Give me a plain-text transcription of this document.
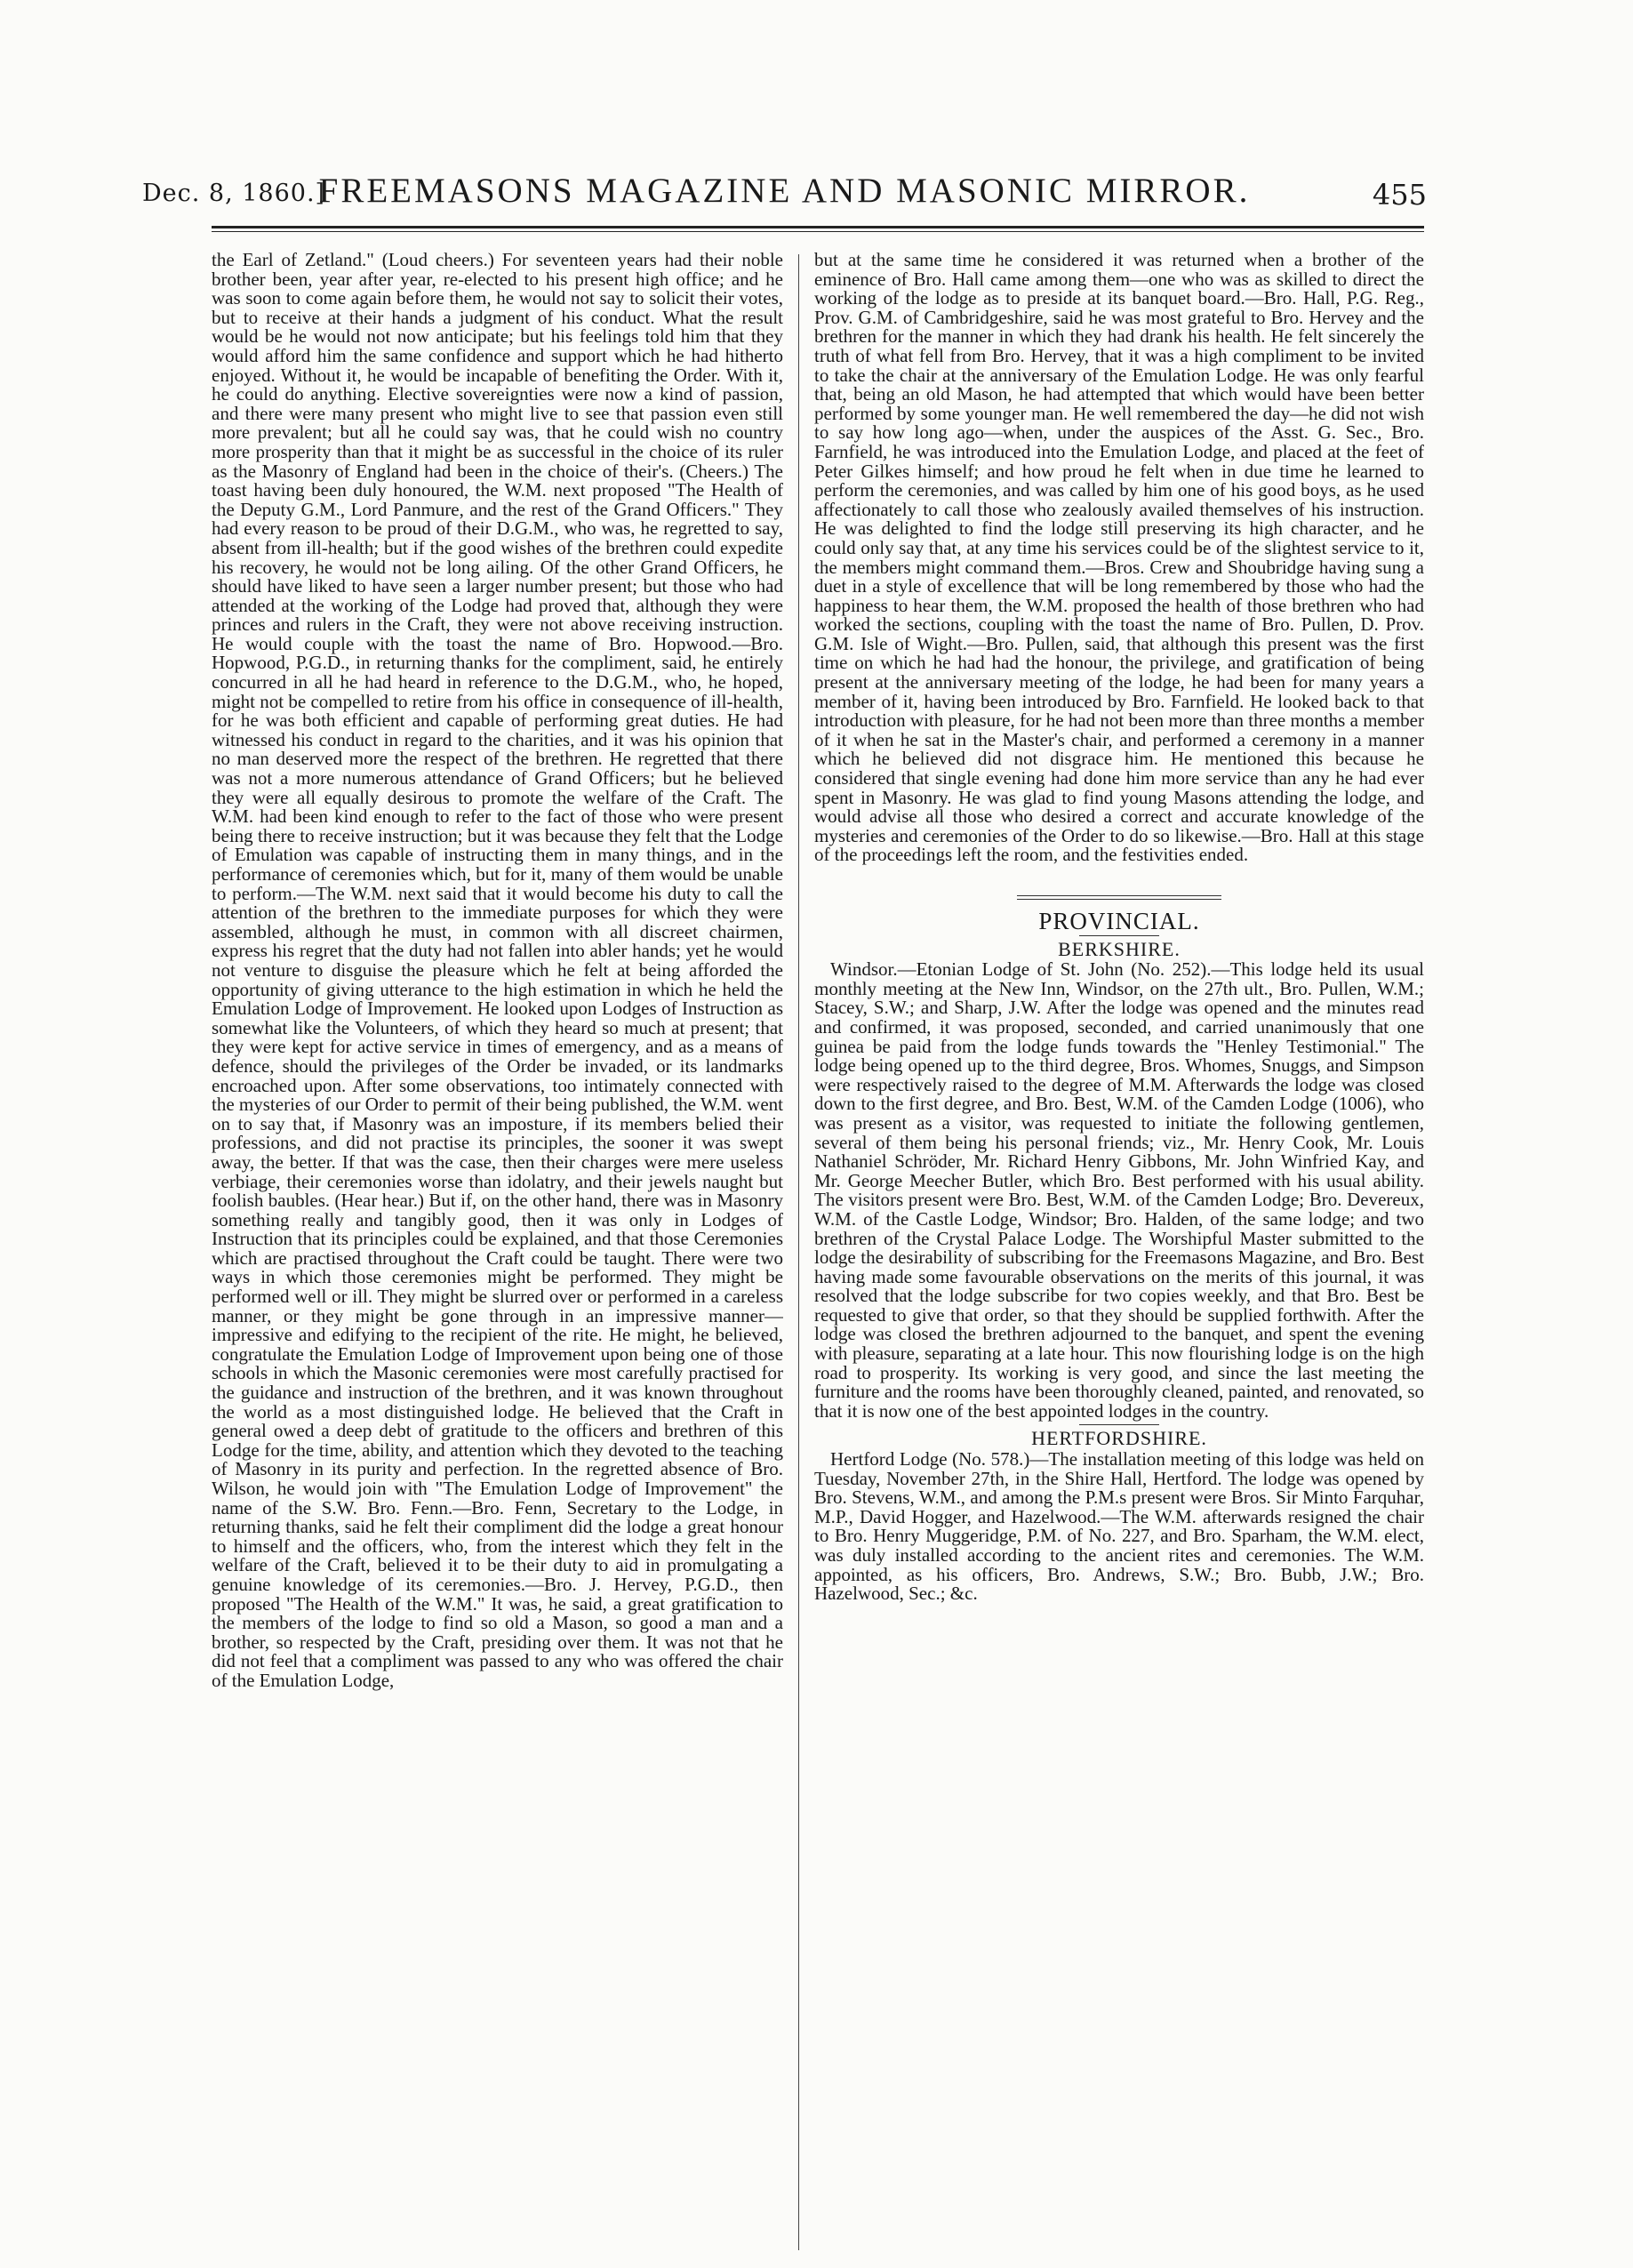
Dec. 8, 1860.]
FREEMASONS MAGAZINE AND MASONIC MIRROR.	455

the Earl of Zetland." (Loud cheers.) For seventeen years had their noble brother been, year after year, re-elected to his present high office; and he was soon to come again before them, he would not say to solicit their votes, but to receive at their hands a judgment of his conduct. What the result would be he would not now anticipate; but his feelings told him that they would afford him the same confidence and support which he had hitherto enjoyed. Without it, he would be incapable of benefiting the Order. With it, he could do anything. Elective sovereignties were now a kind of passion, and there were many present who might live to see that passion even still more prevalent; but all he could say was, that he could wish no country more prosperity than that it might be as successful in the choice of its ruler as the Masonry of England had been in the choice of their's. (Cheers.) The toast having been duly honoured, the W.M. next proposed "The Health of the Deputy G.M., Lord Panmure, and the rest of the Grand Officers." They had every reason to be proud of their D.G.M., who was, he regretted to say, absent from ill-health; but if the good wishes of the brethren could expedite his recovery, he would not be long ailing. Of the other Grand Officers, he should have liked to have seen a larger number present; but those who had attended at the working of the Lodge had proved that, although they were princes and rulers in the Craft, they were not above receiving instruction. He would couple with the toast the name of Bro. Hopwood.—Bro. Hopwood, P.G.D., in returning thanks for the compliment, said, he entirely concurred in all he had heard in reference to the D.G.M., who, he hoped, might not be compelled to retire from his office in consequence of ill-health, for he was both efficient and capable of performing great duties. He had witnessed his conduct in regard to the charities, and it was his opinion that no man deserved more the respect of the brethren. He regretted that there was not a more numerous attendance of Grand Officers; but he believed they were all equally desirous to promote the welfare of the Craft. The W.M. had been kind enough to refer to the fact of those who were present being there to receive instruction; but it was because they felt that the Lodge of Emulation was capable of instructing them in many things, and in the performance of ceremonies which, but for it, many of them would be unable to perform.—The W.M. next said that it would become his duty to call the attention of the brethren to the immediate purposes for which they were assembled, although he must, in common with all discreet chairmen, express his regret that the duty had not fallen into abler hands; yet he would not venture to disguise the pleasure which he felt at being afforded the opportunity of giving utterance to the high estimation in which he held the Emulation Lodge of Improvement. He looked upon Lodges of Instruction as somewhat like the Volunteers, of which they heard so much at present; that they were kept for active service in times of emergency, and as a means of defence, should the privileges of the Order be invaded, or its landmarks encroached upon. After some observations, too intimately connected with the mysteries of our Order to permit of their being published, the W.M. went on to say that, if Masonry was an imposture, if its members belied their professions, and did not practise its principles, the sooner it was swept away, the better. If that was the case, then their charges were mere useless verbiage, their ceremonies worse than idolatry, and their jewels naught but foolish baubles. (Hear hear.) But if, on the other hand, there was in Masonry something really and tangibly good, then it was only in Lodges of Instruction that its principles could be explained, and that those Ceremonies which are practised throughout the Craft could be taught. There were two ways in which those ceremonies might be performed. They might be performed well or ill. They might be slurred over or performed in a careless manner, or they might be gone through in an impressive manner—impressive and edifying to the recipient of the rite. He might, he believed, congratulate the Emulation Lodge of Improvement upon being one of those schools in which the Masonic ceremonies were most carefully practised for the guidance and instruction of the brethren, and it was known throughout the world as a most distinguished lodge. He believed that the Craft in general owed a deep debt of gratitude to the officers and brethren of this Lodge for the time, ability, and attention which they devoted to the teaching of Masonry in its purity and perfection. In the regretted absence of Bro. Wilson, he would join with "The Emulation Lodge of Improvement" the name of the S.W. Bro. Fenn.—Bro. Fenn, Secretary to the Lodge, in returning thanks, said he felt their compliment did the lodge a great honour to himself and the officers, who, from the interest which they felt in the welfare of the Craft, believed it to be their duty to aid in promulgating a genuine knowledge of its ceremonies.—Bro. J. Hervey, P.G.D., then proposed "The Health of the W.M." It was, he said, a great gratification to the members of the lodge to find so old a Mason, so good a man and a brother, so respected by the Craft, presiding over them. It was not that he did not feel that a compliment was passed to any who was offered the chair of the Emulation Lodge,

but at the same time he considered it was returned when a brother of the eminence of Bro. Hall came among them—one who was as skilled to direct the working of the lodge as to preside at its banquet board.—Bro. Hall, P.G. Reg., Prov. G.M. of Cambridgeshire, said he was most grateful to Bro. Hervey and the brethren for the manner in which they had drank his health. He felt sincerely the truth of what fell from Bro. Hervey, that it was a high compliment to be invited to take the chair at the anniversary of the Emulation Lodge. He was only fearful that, being an old Mason, he had attempted that which would have been better performed by some younger man. He well remembered the day—he did not wish to say how long ago—when, under the auspices of the Asst. G. Sec., Bro. Farnfield, he was introduced into the Emulation Lodge, and placed at the feet of Peter Gilkes himself; and how proud he felt when in due time he learned to perform the ceremonies, and was called by him one of his good boys, as he used affectionately to call those who zealously availed themselves of his instruction. He was delighted to find the lodge still preserving its high character, and he could only say that, at any time his services could be of the slightest service to it, the members might command them.—Bros. Crew and Shoubridge having sung a duet in a style of excellence that will be long remembered by those who had the happiness to hear them, the W.M. proposed the health of those brethren who had worked the sections, coupling with the toast the name of Bro. Pullen, D. Prov. G.M. Isle of Wight.—Bro. Pullen, said, that although this present was the first time on which he had had the honour, the privilege, and gratification of being present at the anniversary meeting of the lodge, he had been for many years a member of it, having been introduced by Bro. Farnfield. He looked back to that introduction with pleasure, for he had not been more than three months a member of it when he sat in the Master's chair, and performed a ceremony in a manner which he believed did not disgrace him. He mentioned this because he considered that single evening had done him more service than any he had ever spent in Masonry. He was glad to find young Masons attending the lodge, and would advise all those who desired a correct and accurate knowledge of the mysteries and ceremonies of the Order to do so likewise.—Bro. Hall at this stage of the proceedings left the room, and the festivities ended.

PROVINCIAL.
BERKSHIRE.

Windsor.—Etonian Lodge of St. John (No. 252).—This lodge held its usual monthly meeting at the New Inn, Windsor, on the 27th ult., Bro. Pullen, W.M.; Stacey, S.W.; and Sharp, J.W. After the lodge was opened and the minutes read and confirmed, it was proposed, seconded, and carried unanimously that one guinea be paid from the lodge funds towards the "Henley Testimonial." The lodge being opened up to the third degree, Bros. Whomes, Snuggs, and Simpson were respectively raised to the degree of M.M. Afterwards the lodge was closed down to the first degree, and Bro. Best, W.M. of the Camden Lodge (1006), who was present as a visitor, was requested to initiate the following gentlemen, several of them being his personal friends; viz., Mr. Henry Cook, Mr. Louis Nathaniel Schröder, Mr. Richard Henry Gibbons, Mr. John Winfried Kay, and Mr. George Meecher Butler, which Bro. Best performed with his usual ability. The visitors present were Bro. Best, W.M. of the Camden Lodge; Bro. Devereux, W.M. of the Castle Lodge, Windsor; Bro. Halden, of the same lodge; and two brethren of the Crystal Palace Lodge. The Worshipful Master submitted to the lodge the desirability of subscribing for the Freemasons Magazine, and Bro. Best having made some favourable observations on the merits of this journal, it was resolved that the lodge subscribe for two copies weekly, and that Bro. Best be requested to give that order, so that they should be supplied forthwith. After the lodge was closed the brethren adjourned to the banquet, and spent the evening with pleasure, separating at a late hour. This now flourishing lodge is on the high road to prosperity. Its working is very good, and since the last meeting the furniture and the rooms have been thoroughly cleaned, painted, and renovated, so that it is now one of the best appointed lodges in the country.

HERTFORDSHIRE.

Hertford Lodge (No. 578.)—The installation meeting of this lodge was held on Tuesday, November 27th, in the Shire Hall, Hertford. The lodge was opened by Bro. Stevens, W.M., and among the P.M.s present were Bros. Sir Minto Farquhar, M.P., David Hogger, and Hazelwood.—The W.M. afterwards resigned the chair to Bro. Henry Muggeridge, P.M. of No. 227, and Bro. Sparham, the W.M. elect, was duly installed according to the ancient rites and ceremonies. The W.M. appointed, as his officers, Bro. Andrews, S.W.; Bro. Bubb, J.W.; Bro. Hazelwood, Sec.; &c.
